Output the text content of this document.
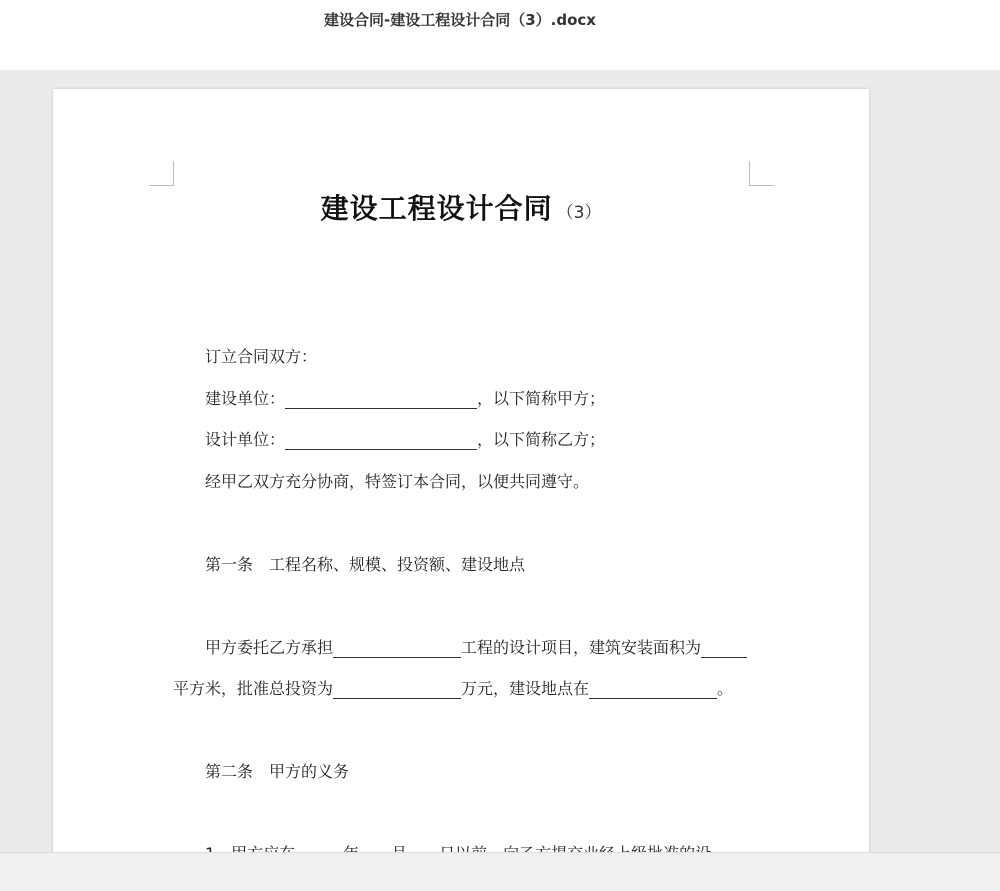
建设合同-建设工程设计合同（3）.docx
建设工程设计合同 （3）
订立合同双方：
建设单位：	，以下简称甲方；
设计单位：	，以下简称乙方；
经甲乙双方充分协商，特签订本合同，以便共同遵守。
第一条 工程名称、规模、投资额、建设地点
甲方委托乙方承担	工程的设计项目，建筑安装面积为
平方米，批准总投资为	万元，建设地点在	。
第二条 甲方的义务
